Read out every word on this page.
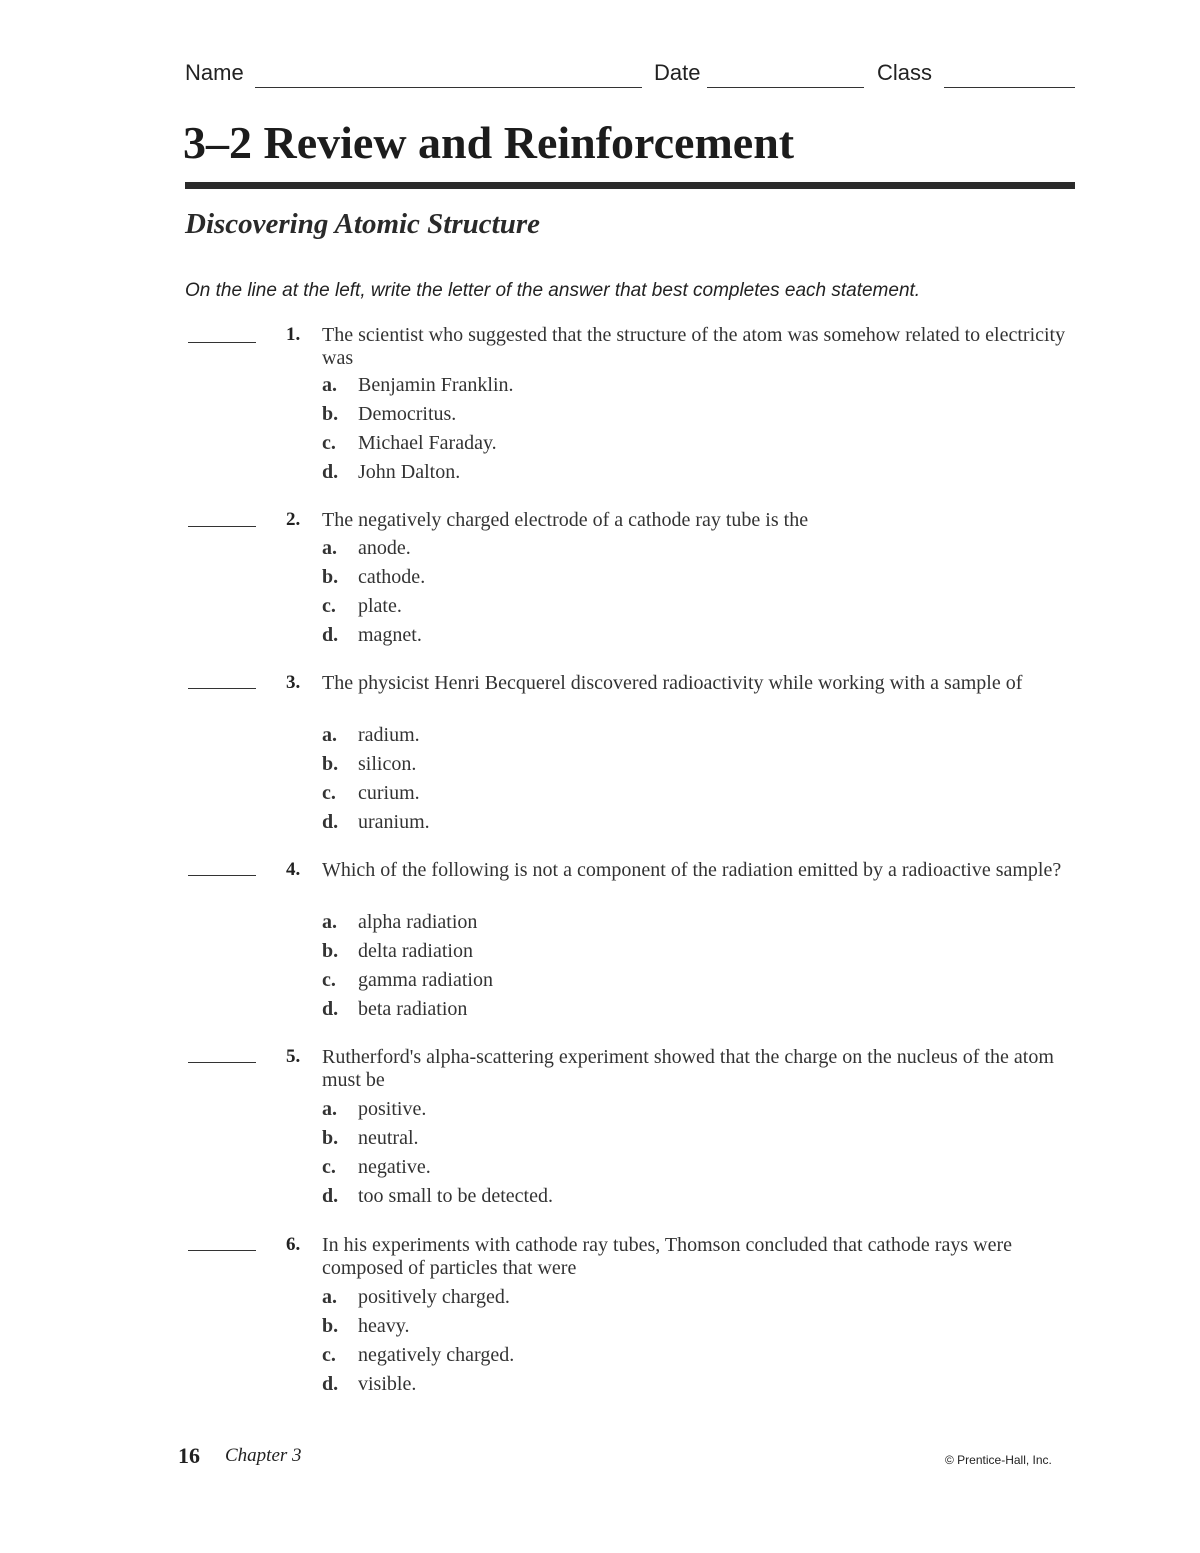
Name	Date	Class
3–2 Review and Reinforcement
Discovering Atomic Structure
On the line at the left, write the letter of the answer that best completes each statement.
1. The scientist who suggested that the structure of the atom was somehow related to electricity was
a. Benjamin Franklin.
b. Democritus.
c. Michael Faraday.
d. John Dalton.
2. The negatively charged electrode of a cathode ray tube is the
a. anode.
b. cathode.
c. plate.
d. magnet.
3. The physicist Henri Becquerel discovered radioactivity while working with a sample of
a. radium.
b. silicon.
c. curium.
d. uranium.
4. Which of the following is not a component of the radiation emitted by a radioactive sample?
a. alpha radiation
b. delta radiation
c. gamma radiation
d. beta radiation
5. Rutherford's alpha-scattering experiment showed that the charge on the nucleus of the atom must be
a. positive.
b. neutral.
c. negative.
d. too small to be detected.
6. In his experiments with cathode ray tubes, Thomson concluded that cathode rays were composed of particles that were
a. positively charged.
b. heavy.
c. negatively charged.
d. visible.
16 Chapter 3	© Prentice-Hall, Inc.
